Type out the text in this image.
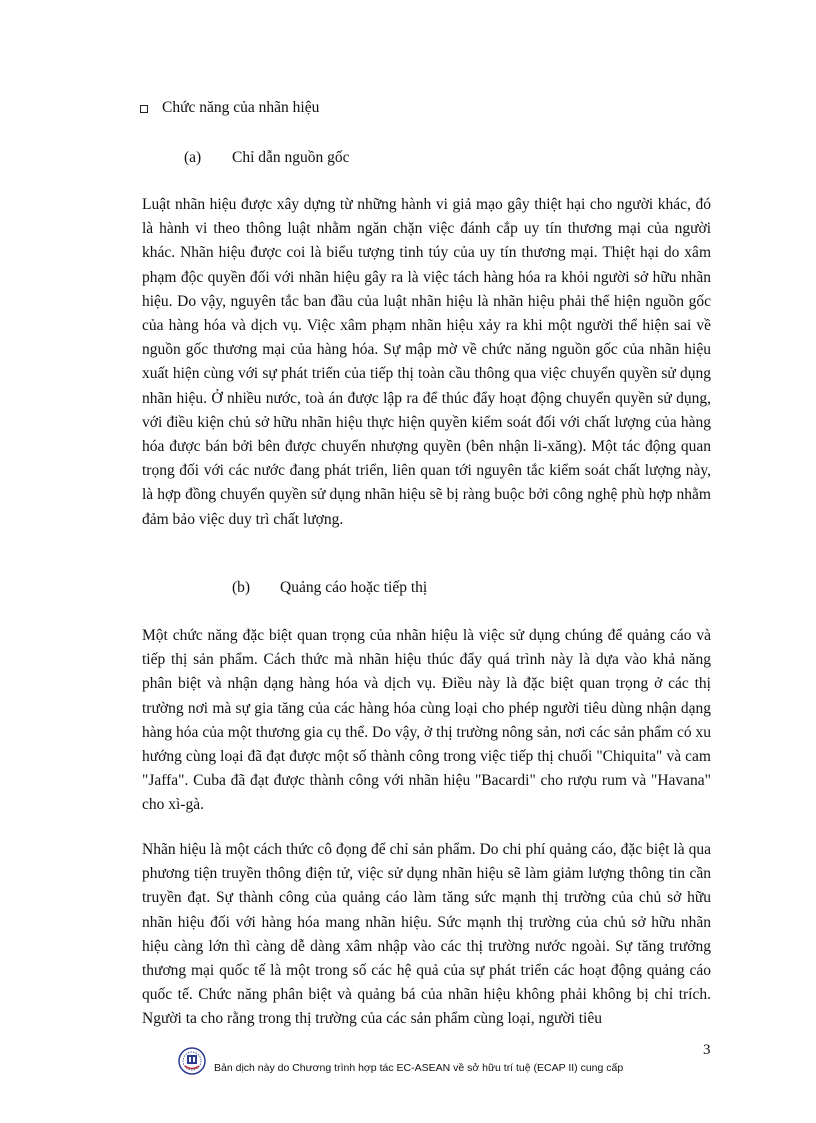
Chức năng của nhãn hiệu
(a)	Chỉ dẫn nguồn gốc

Luật nhãn hiệu được xây dựng từ những hành vi giả mạo gây thiệt hại cho người khác, đó là hành vi theo thông luật nhằm ngăn chặn việc đánh cắp uy tín thương mại của người khác. Nhãn hiệu được coi là biểu tượng tinh túy của uy tín thương mại. Thiệt hại do xâm phạm độc quyền đối với nhãn hiệu gây ra là việc tách hàng hóa ra khỏi người sở hữu nhãn hiệu. Do vậy, nguyên tắc ban đầu của luật nhãn hiệu là nhãn hiệu phải thể hiện nguồn gốc của hàng hóa và dịch vụ. Việc xâm phạm nhãn hiệu xảy ra khi một người thể hiện sai về nguồn gốc thương mại của hàng hóa. Sự mập mờ về chức năng nguồn gốc của nhãn hiệu xuất hiện cùng với sự phát triển của tiếp thị toàn cầu thông qua việc chuyển quyền sử dụng nhãn hiệu. Ở nhiều nước, toà án được lập ra để thúc đẩy hoạt động chuyển quyền sử dụng, với điều kiện chủ sở hữu nhãn hiệu thực hiện quyền kiểm soát đối với chất lượng của hàng hóa được bán bởi bên được chuyển nhượng quyền (bên nhận li-xăng). Một tác động quan trọng đối với các nước đang phát triển, liên quan tới nguyên tắc kiểm soát chất lượng này, là hợp đồng chuyển quyền sử dụng nhãn hiệu sẽ bị ràng buộc bởi công nghệ phù hợp nhằm đảm bảo việc duy trì chất lượng.

(b)	Quảng cáo hoặc tiếp thị

Một chức năng đặc biệt quan trọng của nhãn hiệu là việc sử dụng chúng để quảng cáo và tiếp thị sản phẩm. Cách thức mà nhãn hiệu thúc đẩy quá trình này là dựa vào khả năng phân biệt và nhận dạng hàng hóa và dịch vụ. Điều này là đặc biệt quan trọng ở các thị trường nơi mà sự gia tăng của các hàng hóa cùng loại cho phép người tiêu dùng nhận dạng hàng hóa của một thương gia cụ thể. Do vậy, ở thị trường nông sản, nơi các sản phẩm có xu hướng cùng loại đã đạt được một số thành công trong việc tiếp thị chuối "Chiquita" và cam "Jaffa". Cuba đã đạt được thành công với nhãn hiệu "Bacardi" cho rượu rum và "Havana" cho xì-gà.

Nhãn hiệu là một cách thức cô đọng để chỉ sản phẩm. Do chi phí quảng cáo, đặc biệt là qua phương tiện truyền thông điện tử, việc sử dụng nhãn hiệu sẽ làm giảm lượng thông tin cần truyền đạt. Sự thành công của quảng cáo làm tăng sức mạnh thị trường của chủ sở hữu nhãn hiệu đối với hàng hóa mang nhãn hiệu. Sức mạnh thị trường của chủ sở hữu nhãn hiệu càng lớn thì càng dễ dàng xâm nhập vào các thị trường nước ngoài. Sự tăng trưởng thương mại quốc tế là một trong số các hệ quả của sự phát triển các hoạt động quảng cáo quốc tế. Chức năng phân biệt và quảng bá của nhãn hiệu không phải không bị chỉ trích. Người ta cho rằng trong thị trường của các sản phẩm cùng loại, người tiêu

3
Bản dịch này do Chương trình hợp tác EC-ASEAN về sở hữu trí tuệ (ECAP II) cung cấp
